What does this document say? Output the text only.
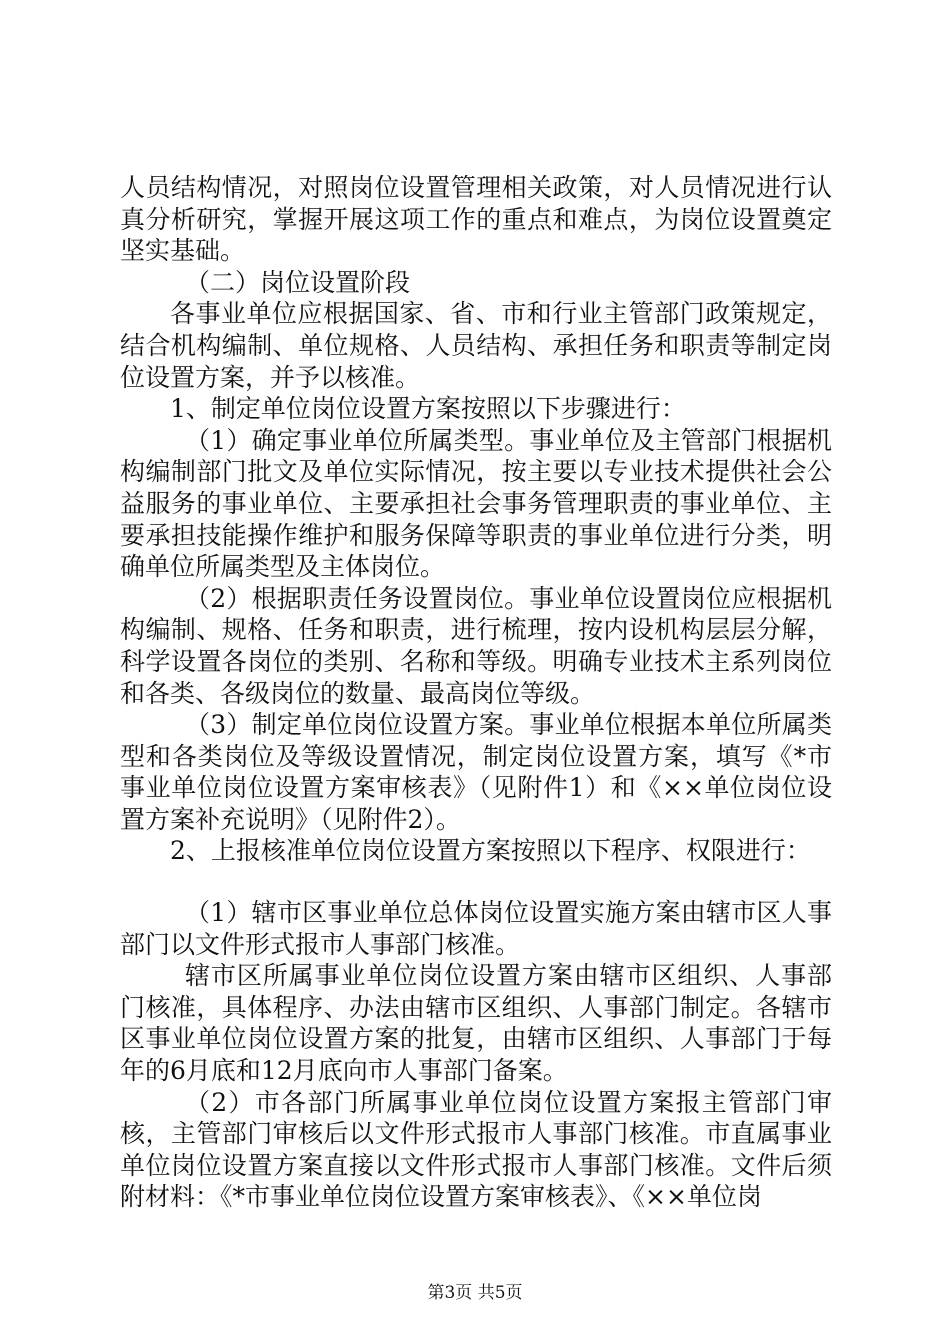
人员结构情况，对照岗位设置管理相关政策，对人员情况进行认真分析研究，掌握开展这项工作的重点和难点，为岗位设置奠定坚实基础。

（二）岗位设置阶段

各事业单位应根据国家、省、市和行业主管部门政策规定，结合机构编制、单位规格、人员结构、承担任务和职责等制定岗位设置方案，并予以核准。

1、制定单位岗位设置方案按照以下步骤进行：

（1）确定事业单位所属类型。事业单位及主管部门根据机构编制部门批文及单位实际情况，按主要以专业技术提供社会公益服务的事业单位、主要承担社会事务管理职责的事业单位、主要承担技能操作维护和服务保障等职责的事业单位进行分类，明确单位所属类型及主体岗位。

（2）根据职责任务设置岗位。事业单位设置岗位应根据机构编制、规格、任务和职责，进行梳理，按内设机构层层分解，科学设置各岗位的类别、名称和等级。明确专业技术主系列岗位和各类、各级岗位的数量、最高岗位等级。

（3）制定单位岗位设置方案。事业单位根据本单位所属类型和各类岗位及等级设置情况，制定岗位设置方案，填写《*市事业单位岗位设置方案审核表》（见附件1）和《××单位岗位设置方案补充说明》（见附件2）。

2、上报核准单位岗位设置方案按照以下程序、权限进行：

（1）辖市区事业单位总体岗位设置实施方案由辖市区人事部门以文件形式报市人事部门核准。

辖市区所属事业单位岗位设置方案由辖市区组织、人事部门核准，具体程序、办法由辖市区组织、人事部门制定。各辖市区事业单位岗位设置方案的批复，由辖市区组织、人事部门于每年的6月底和12月底向市人事部门备案。

（2）市各部门所属事业单位岗位设置方案报主管部门审核，主管部门审核后以文件形式报市人事部门核准。市直属事业单位岗位设置方案直接以文件形式报市人事部门核准。文件后须附材料：《*市事业单位岗位设置方案审核表》、《××单位岗

第3页 共5页
